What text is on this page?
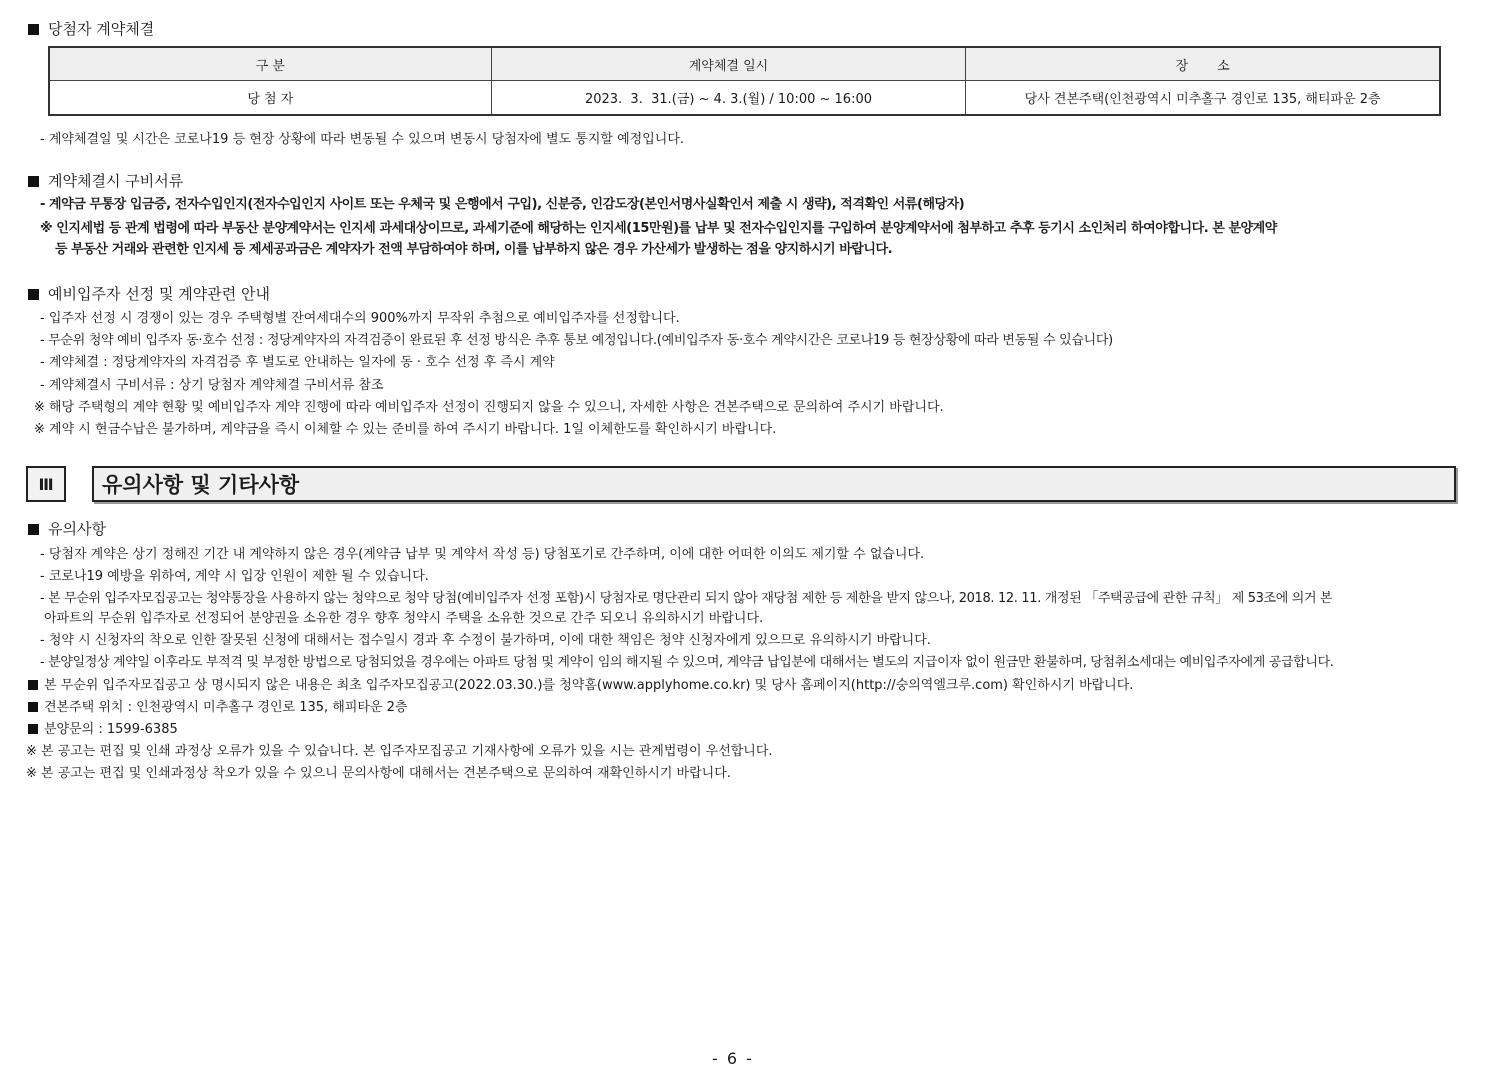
당첨자 계약체결
구 분	계약체결 일시	장       소
당 첨 자	2023.  3.  31.(금) ~ 4. 3.(월) / 10:00 ~ 16:00	당사 견본주택(인천광역시 미추홀구 경인로 135, 해티파운 2층
- 계약체결일 및 시간은 코로나19 등 현장 상황에 따라 변동될 수 있으며 변동시 당첨자에 별도 통지할 예정입니다.
계약체결시 구비서류
- 계약금 무통장 입금증, 전자수입인지(전자수입인지 사이트 또는 우체국 및 은행에서 구입), 신분증, 인감도장(본인서명사실확인서 제출 시 생략), 적격확인 서류(해당자)
※ 인지세법 등 관계 법령에 따라 부동산 분양계약서는 인지세 과세대상이므로, 과세기준에 해당하는 인지세(15만원)를 납부 및 전자수입인지를 구입하여 분양계약서에 첨부하고 추후 등기시 소인처리 하여야합니다. 본 분양계약
등 부동산 거래와 관련한 인지세 등 제세공과금은 계약자가 전액 부담하여야 하며, 이를 납부하지 않은 경우 가산세가 발생하는 점을 양지하시기 바랍니다.
예비입주자 선정 및 계약관련 안내
- 입주자 선정 시 경쟁이 있는 경우 주택형별 잔여세대수의 900%까지 무작위 추첨으로 예비입주자를 선정합니다.
- 무순위 청약 예비 입주자 동·호수 선정 : 정당계약자의 자격검증이 완료된 후 선정 방식은 추후 통보 예정입니다.(예비입주자 동·호수 계약시간은 코로나19 등 현장상황에 따라 변동될 수 있습니다)
- 계약체결 : 정당계약자의 자격검증 후 별도로 안내하는 일자에 동 · 호수 선정 후 즉시 계약
- 계약체결시 구비서류 : 상기 당첨자 계약체결 구비서류 참조
※ 해당 주택형의 계약 현황 및 예비입주자 계약 진행에 따라 예비입주자 선정이 진행되지 않을 수 있으니, 자세한 사항은 견본주택으로 문의하여 주시기 바랍니다.
※ 계약 시 현금수납은 불가하며, 계약금을 즉시 이체할 수 있는 준비를 하여 주시기 바랍니다. 1일 이체한도를 확인하시기 바랍니다.
Ⅲ	유의사항 및 기타사항
유의사항
- 당첨자 계약은 상기 정해진 기간 내 계약하지 않은 경우(계약금 납부 및 계약서 작성 등) 당첨포기로 간주하며, 이에 대한 어떠한 이의도 제기할 수 없습니다.
- 코로나19 예방을 위하여, 계약 시 입장 인원이 제한 될 수 있습니다.
- 본 무순위 입주자모집공고는 청약통장을 사용하지 않는 청약으로 청약 당첨(예비입주자 선정 포함)시 당첨자로 명단관리 되지 않아 재당첨 제한 등 제한을 받지 않으나, 2018. 12. 11. 개정된 「주택공급에 관한 규칙」 제 53조에 의거 본
아파트의 무순위 입주자로 선정되어 분양권을 소유한 경우 향후 청약시 주택을 소유한 것으로 간주 되오니 유의하시기 바랍니다.
- 청약 시 신청자의 착오로 인한 잘못된 신청에 대해서는 접수일시 경과 후 수정이 불가하며, 이에 대한 책임은 청약 신청자에게 있으므로 유의하시기 바랍니다.
- 분양일정상 계약일 이후라도 부적격 및 부정한 방법으로 당첨되었을 경우에는 아파트 당첨 및 계약이 임의 해지될 수 있으며, 계약금 납입분에 대해서는 별도의 지급이자 없이 원금만 환불하며, 당첨취소세대는 예비입주자에게 공급합니다.
본 무순위 입주자모집공고 상 명시되지 않은 내용은 최초 입주자모집공고(2022.03.30.)를 청약홈(www.applyhome.co.kr) 및 당사 홈페이지(http://숭의역엘크루.com) 확인하시기 바랍니다.
견본주택 위치 : 인천광역시 미추홀구 경인로 135, 해피타운 2층
분양문의 : 1599-6385
※ 본 공고는 편집 및 인쇄 과정상 오류가 있을 수 있습니다. 본 입주자모집공고 기재사항에 오류가 있을 시는 관계법령이 우선합니다.
※ 본 공고는 편집 및 인쇄과정상 착오가 있을 수 있으니 문의사항에 대해서는 견본주택으로 문의하여 재확인하시기 바랍니다.
- 6 -
